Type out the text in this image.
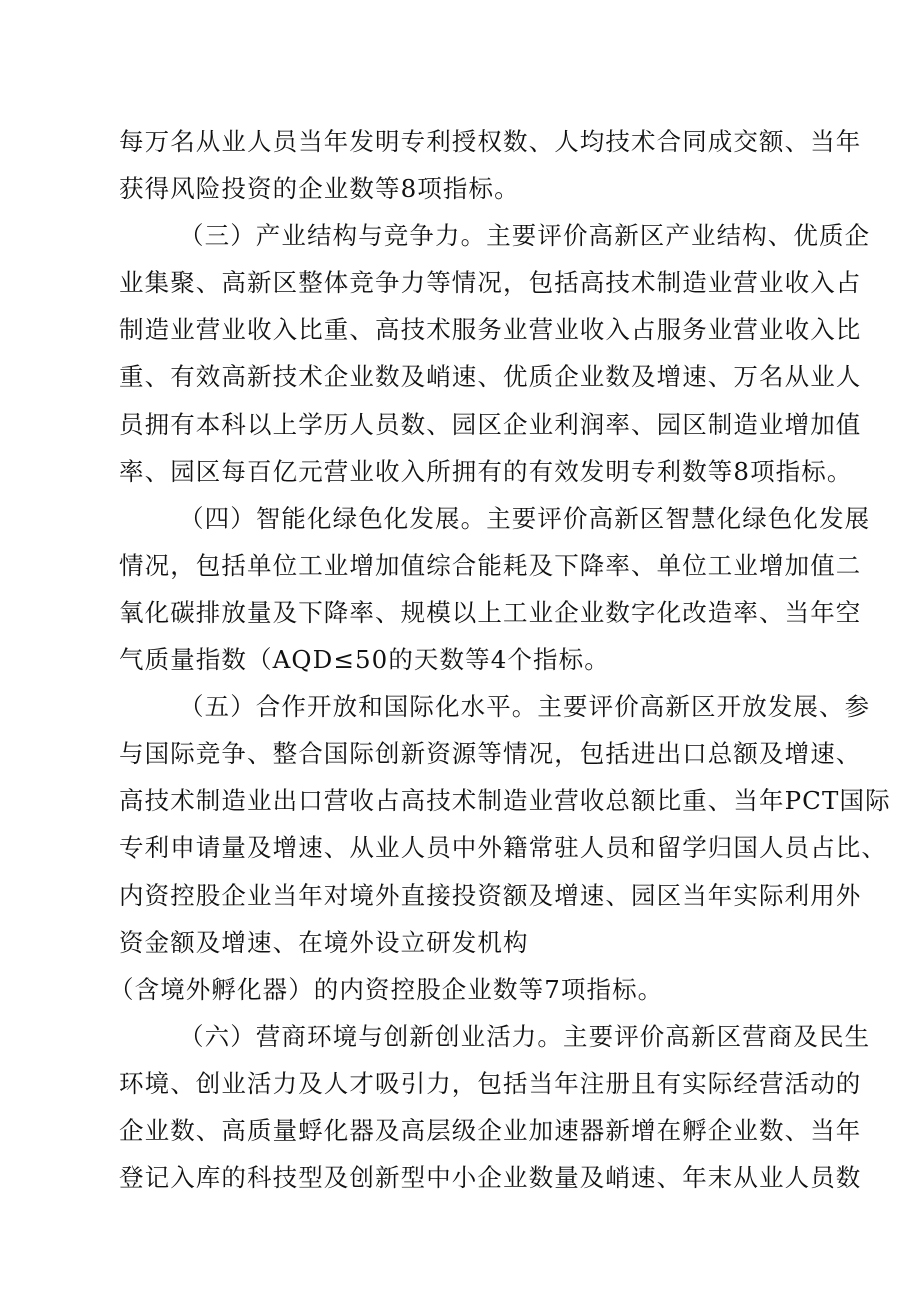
每万名从业人员当年发明专利授权数、人均技术合同成交额、当年
获得风险投资的企业数等8项指标。
（三）产业结构与竞争力。主要评价高新区产业结构、优质企
业集聚、高新区整体竞争力等情况，包括高技术制造业营业收入占
制造业营业收入比重、高技术服务业营业收入占服务业营业收入比
重、有效高新技术企业数及峭速、优质企业数及增速、万名从业人
员拥有本科以上学历人员数、园区企业利润率、园区制造业增加值
率、园区每百亿元营业收入所拥有的有效发明专利数等8项指标。
（四）智能化绿色化发展。主要评价高新区智慧化绿色化发展
情况，包括单位工业增加值综合能耗及下降率、单位工业增加值二
氧化碳排放量及下降率、规模以上工业企业数字化改造率、当年空
气质量指数（AQD≤50的天数等4个指标。
（五）合作开放和国际化水平。主要评价高新区开放发展、参
与国际竞争、整合国际创新资源等情况，包括进出口总额及增速、
高技术制造业出口营收占高技术制造业营收总额比重、当年PCT国际
专利申请量及增速、从业人员中外籍常驻人员和留学归国人员占比、
内资控股企业当年对境外直接投资额及增速、园区当年实际利用外
资金额及增速、在境外设立研发机构
（含境外孵化器）的内资控股企业数等7项指标。
（六）营商环境与创新创业活力。主要评价高新区营商及民生
环境、创业活力及人才吸引力，包括当年注册且有实际经营活动的
企业数、高质量蜉化器及高层级企业加速器新增在孵企业数、当年
登记入库的科技型及创新型中小企业数量及峭速、年末从业人员数
